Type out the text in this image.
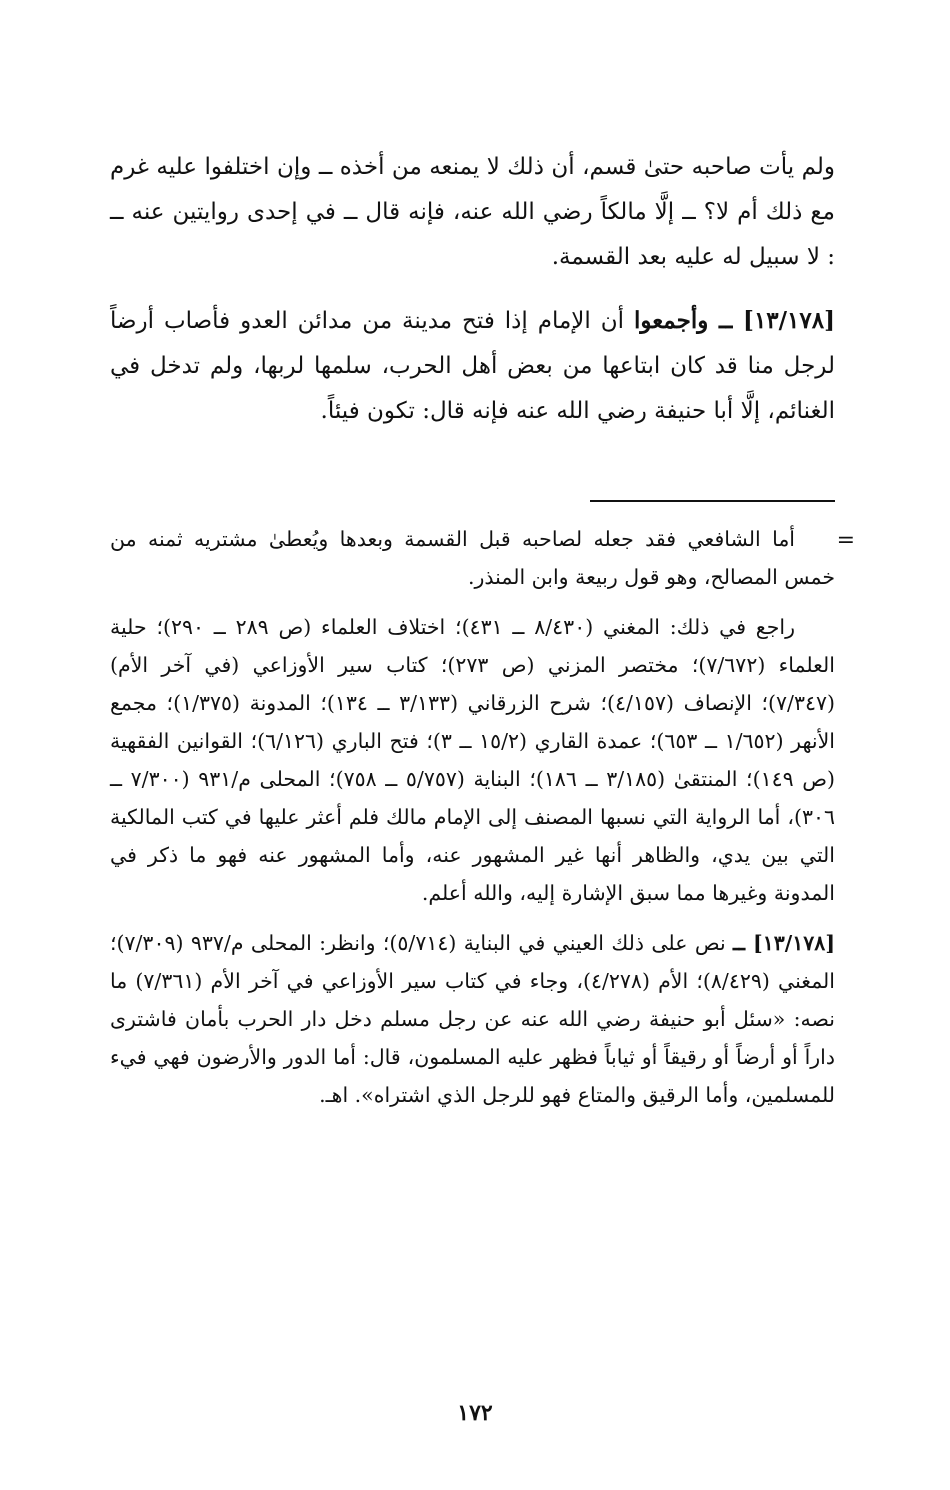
ولم يأت صاحبه حتىٰ قسم، أن ذلك لا يمنعه من أخذه ــ وإن اختلفوا عليه غرم مع ذلك أم لا؟ ــ إلَّا مالكاً رضي الله عنه، فإنه قال ــ في إحدى روايتين عنه ــ : لا سبيل له عليه بعد القسمة.

[١٣/١٧٨] ــ وأجمعوا أن الإمام إذا فتح مدينة من مدائن العدو فأصاب أرضاً لرجل منا قد كان ابتاعها من بعض أهل الحرب، سلمها لربها، ولم تدخل في الغنائم، إلَّا أبا حنيفة رضي الله عنه فإنه قال: تكون فيئاً.

=

أما الشافعي فقد جعله لصاحبه قبل القسمة وبعدها ويُعطىٰ مشتريه ثمنه من خمس المصالح، وهو قول ربيعة وابن المنذر.

راجع في ذلك: المغني (٨/٤٣٠ ــ ٤٣١)؛ اختلاف العلماء (ص ٢٨٩ ــ ٢٩٠)؛ حلية العلماء (٧/٦٧٢)؛ مختصر المزني (ص ٢٧٣)؛ كتاب سير الأوزاعي (في آخر الأم) (٧/٣٤٧)؛ الإنصاف (٤/١٥٧)؛ شرح الزرقاني (٣/١٣٣ ــ ١٣٤)؛ المدونة (١/٣٧٥)؛ مجمع الأنهر (١/٦٥٢ ــ ٦٥٣)؛ عمدة القاري (١٥/٢ ــ ٣)؛ فتح الباري (٦/١٢٦)؛ القوانين الفقهية (ص ١٤٩)؛ المنتقىٰ (٣/١٨٥ ــ ١٨٦)؛ البناية (٥/٧٥٧ ــ ٧٥٨)؛ المحلى م/٩٣١ (٧/٣٠٠ ــ ٣٠٦)، أما الرواية التي نسبها المصنف إلى الإمام مالك فلم أعثر عليها في كتب المالكية التي بين يدي، والظاهر أنها غير المشهور عنه، وأما المشهور عنه فهو ما ذكر في المدونة وغيرها مما سبق الإشارة إليه، والله أعلم.

[١٣/١٧٨] ــ نص على ذلك العيني في البناية (٥/٧١٤)؛ وانظر: المحلى م/٩٣٧ (٧/٣٠٩)؛ المغني (٨/٤٢٩)؛ الأم (٤/٢٧٨)، وجاء في كتاب سير الأوزاعي في آخر الأم (٧/٣٦١) ما نصه: «سئل أبو حنيفة رضي الله عنه عن رجل مسلم دخل دار الحرب بأمان فاشترى داراً أو أرضاً أو رقيقاً أو ثياباً فظهر عليه المسلمون، قال: أما الدور والأرضون فهي فيء للمسلمين، وأما الرقيق والمتاع فهو للرجل الذي اشتراه». اهـ.

١٧٢
